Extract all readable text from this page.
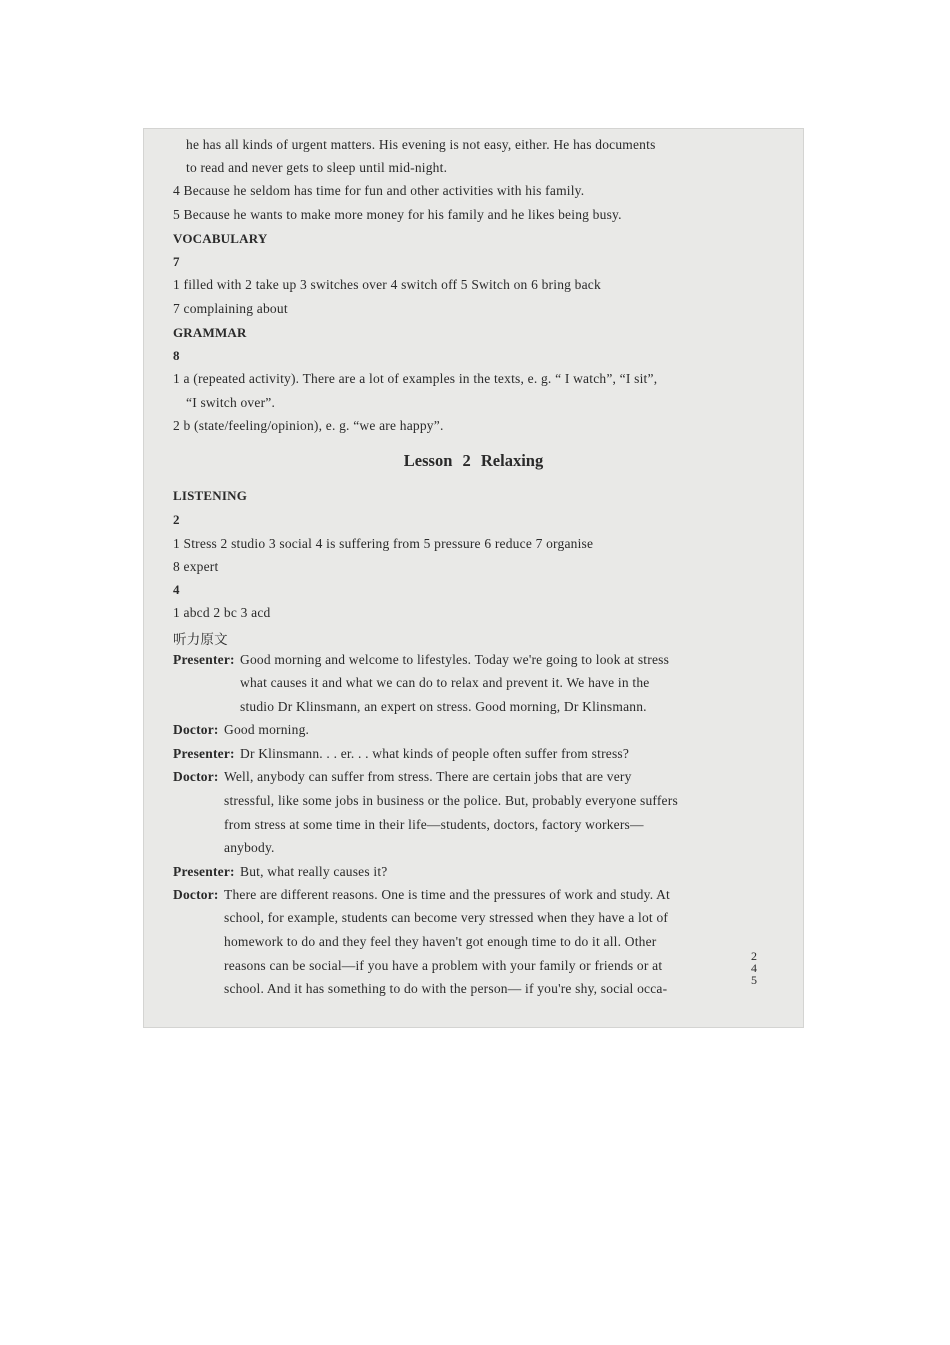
he has all kinds of urgent matters. His evening is not easy, either. He has documents
to read and never gets to sleep until mid-night.
4 Because he seldom has time for fun and other activities with his family.
5 Because he wants to make more money for his family and he likes being busy.
VOCABULARY
7
1 filled with 2 take up 3 switches over 4 switch off 5 Switch on 6 bring back
7 complaining about
GRAMMAR
8
1 a (repeated activity). There are a lot of examples in the texts, e. g. “ I watch”, “I sit”,
“I switch over”.
2 b (state/feeling/opinion), e. g. “we are happy”.
LISTENING
2
1 Stress 2 studio 3 social 4 is suffering from 5 pressure 6 reduce 7 organise
8 expert
4
1 abcd 2 bc 3 acd
听力原文
Presenter: Good morning and welcome to lifestyles. Today we're going to look at stress
what causes it and what we can do to relax and prevent it. We have in the
studio Dr Klinsmann, an expert on stress. Good morning, Dr Klinsmann.
Doctor: Good morning.
Presenter: Dr Klinsmann. . . er. . . what kinds of people often suffer from stress?
Doctor: Well, anybody can suffer from stress. There are certain jobs that are very
stressful, like some jobs in business or the police. But, probably everyone suffers
from stress at some time in their life—students, doctors, factory workers—
anybody.
Presenter: But, what really causes it?
Doctor: There are different reasons. One is time and the pressures of work and study. At
school, for example, students can become very stressed when they have a lot of
homework to do and they feel they haven't got enough time to do it all. Other
reasons can be social—if you have a problem with your family or friends or at
school. And it has something to do with the person— if you're shy, social occa-
Lesson 2 Relaxing
2
4
5
